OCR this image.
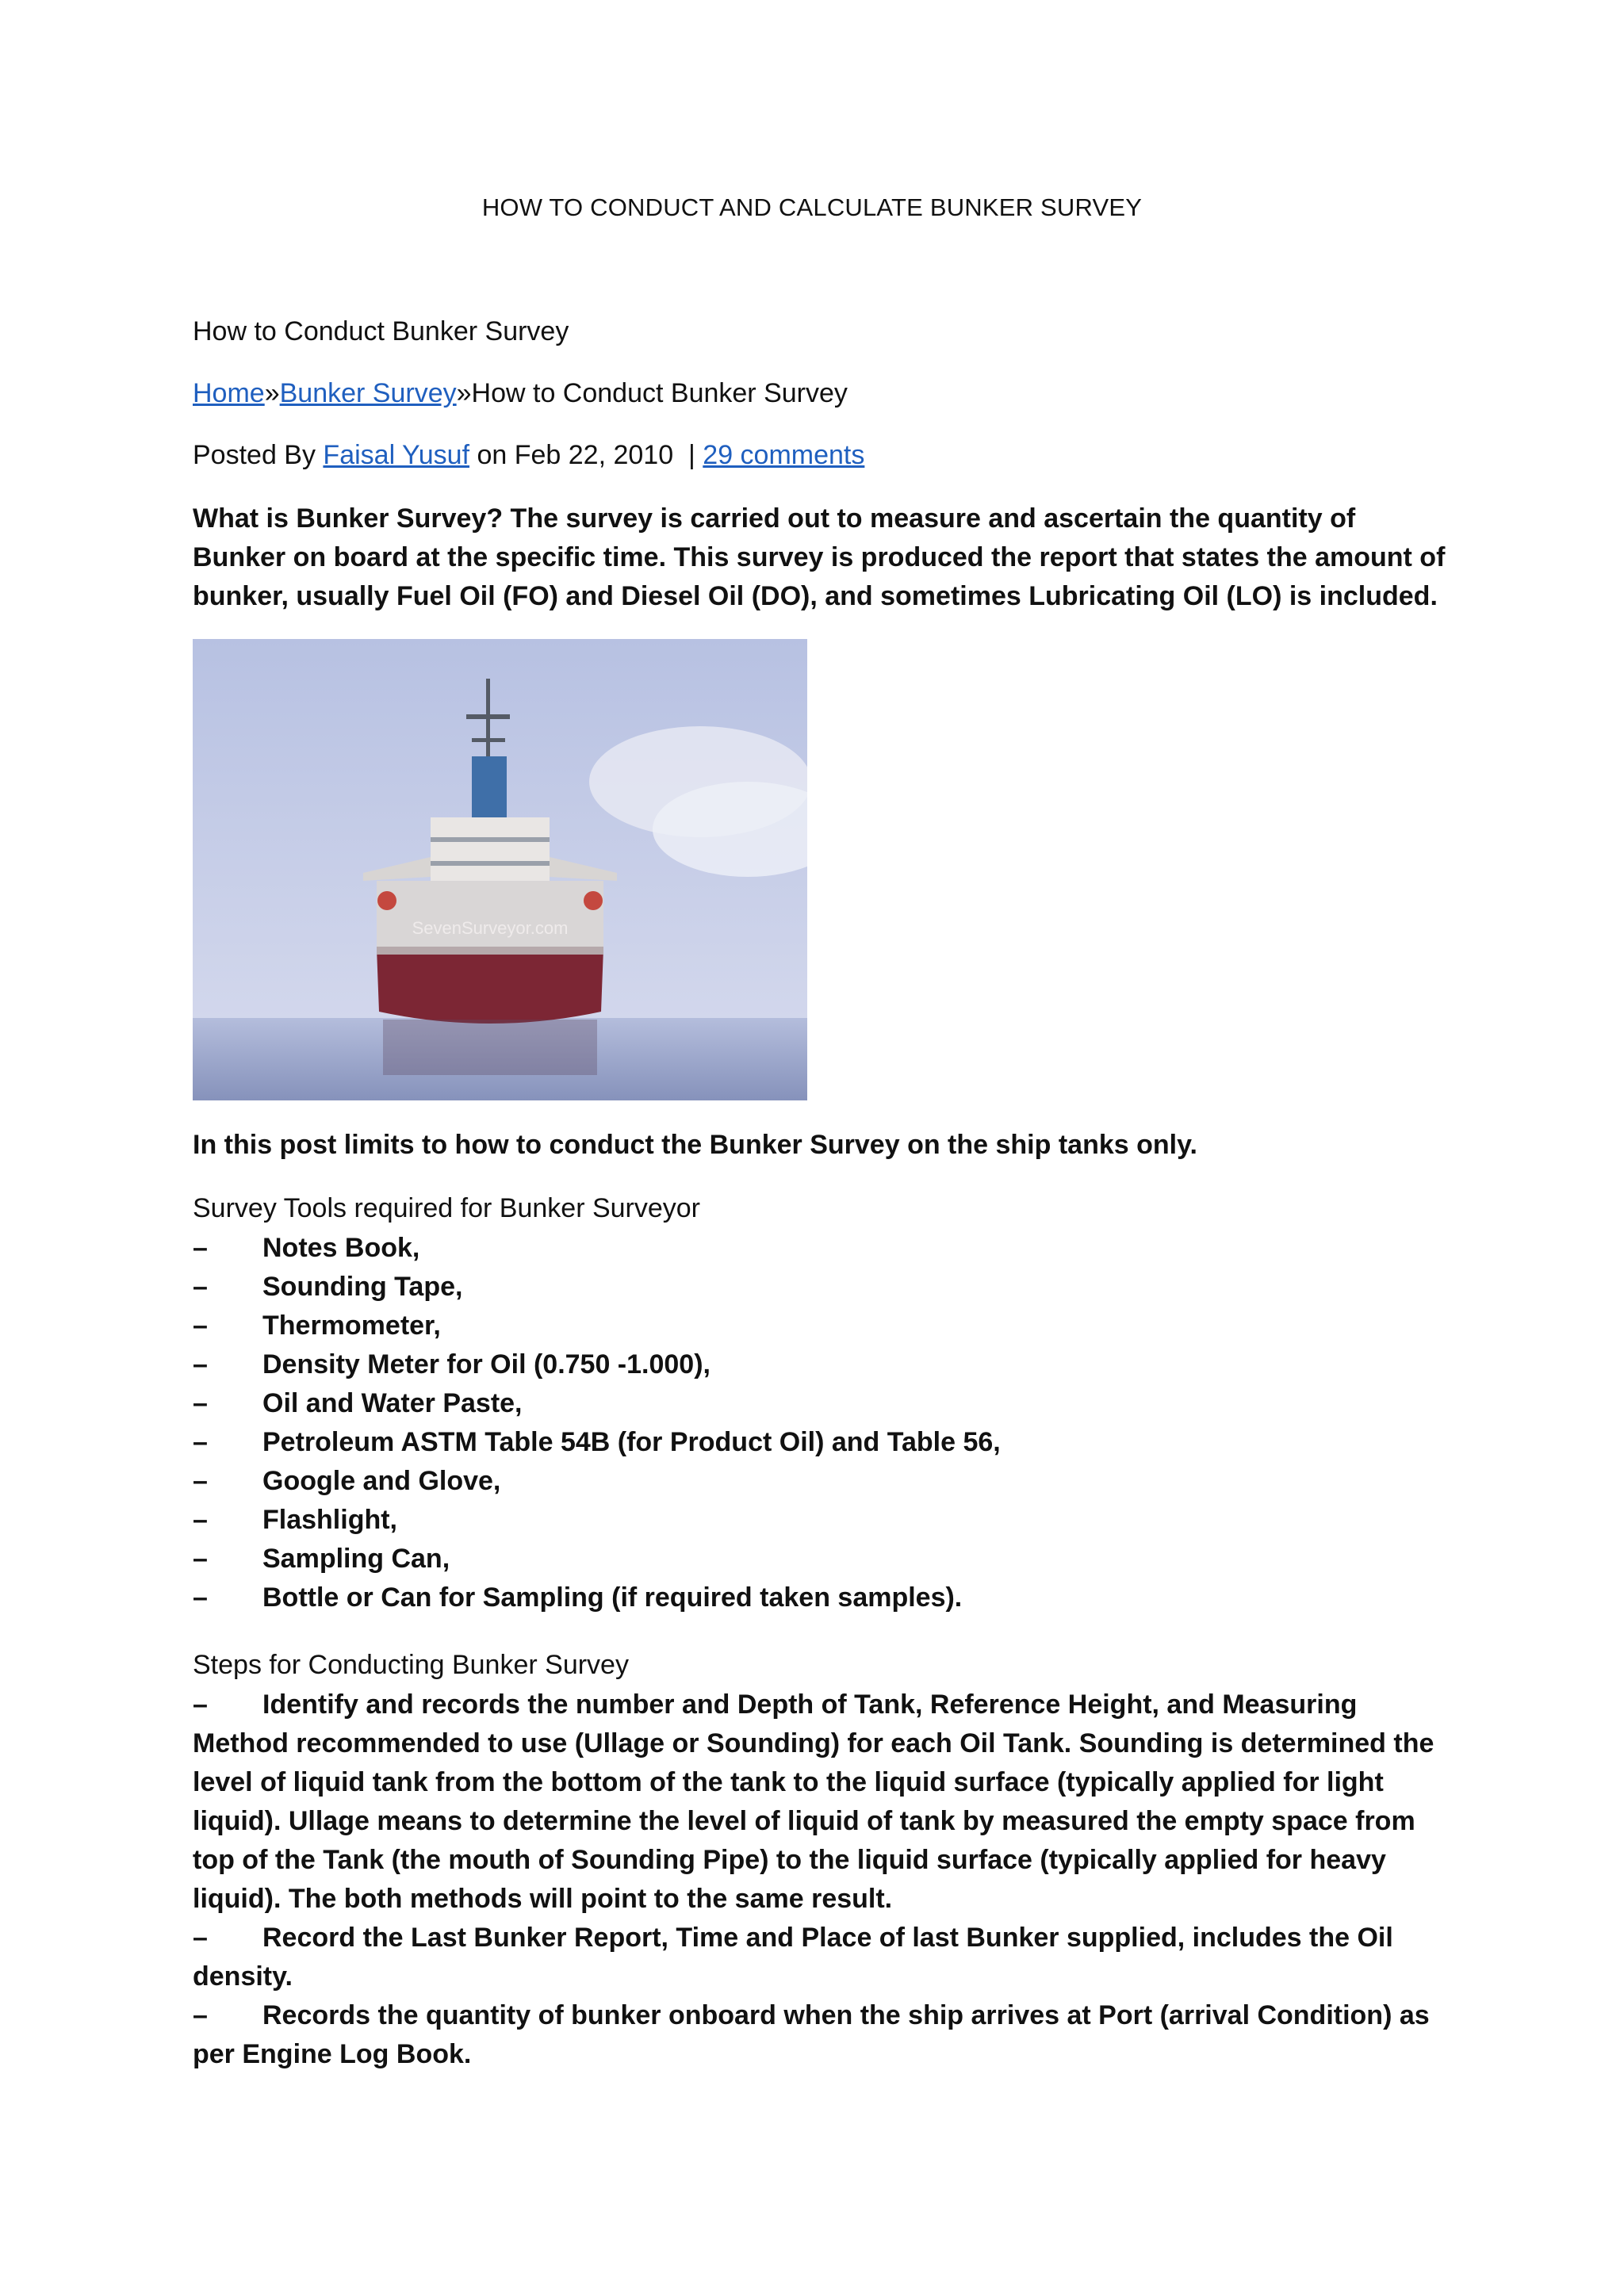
HOW TO CONDUCT AND CALCULATE BUNKER SURVEY
How to Conduct Bunker Survey
Home»Bunker Survey»How to Conduct Bunker Survey
Posted By Faisal Yusuf on Feb 22, 2010  | 29 comments

What is Bunker Survey? The survey is carried out to measure and ascertain the quantity of Bunker on board at the specific time. This survey is produced the report that states the amount of bunker, usually Fuel Oil (FO) and Diesel Oil (DO), and sometimes Lubricating Oil (LO) is included.

SevenSurveyor.com
In this post limits to how to conduct the Bunker Survey on the ship tanks only.
Survey Tools required for Bunker Surveyor
– Notes Book,
– Sounding Tape,
– Thermometer,
– Density Meter for Oil (0.750 -1.000),
– Oil and Water Paste,
– Petroleum ASTM Table 54B (for Product Oil) and Table 56,
– Google and Glove,
– Flashlight,
– Sampling Can,
– Bottle or Can for Sampling (if required taken samples).
Steps for Conducting Bunker Survey
– Identify and records the number and Depth of Tank, Reference Height, and Measuring Method recommended to use (Ullage or Sounding) for each Oil Tank. Sounding is determined the level of liquid tank from the bottom of the tank to the liquid surface (typically applied for light liquid). Ullage means to determine the level of liquid of tank by measured the empty space from top of the Tank (the mouth of Sounding Pipe) to the liquid surface (typically applied for heavy liquid). The both methods will point to the same result.
– Record the Last Bunker Report, Time and Place of last Bunker supplied, includes the Oil density.
– Records the quantity of bunker onboard when the ship arrives at Port (arrival Condition) as per Engine Log Book.
